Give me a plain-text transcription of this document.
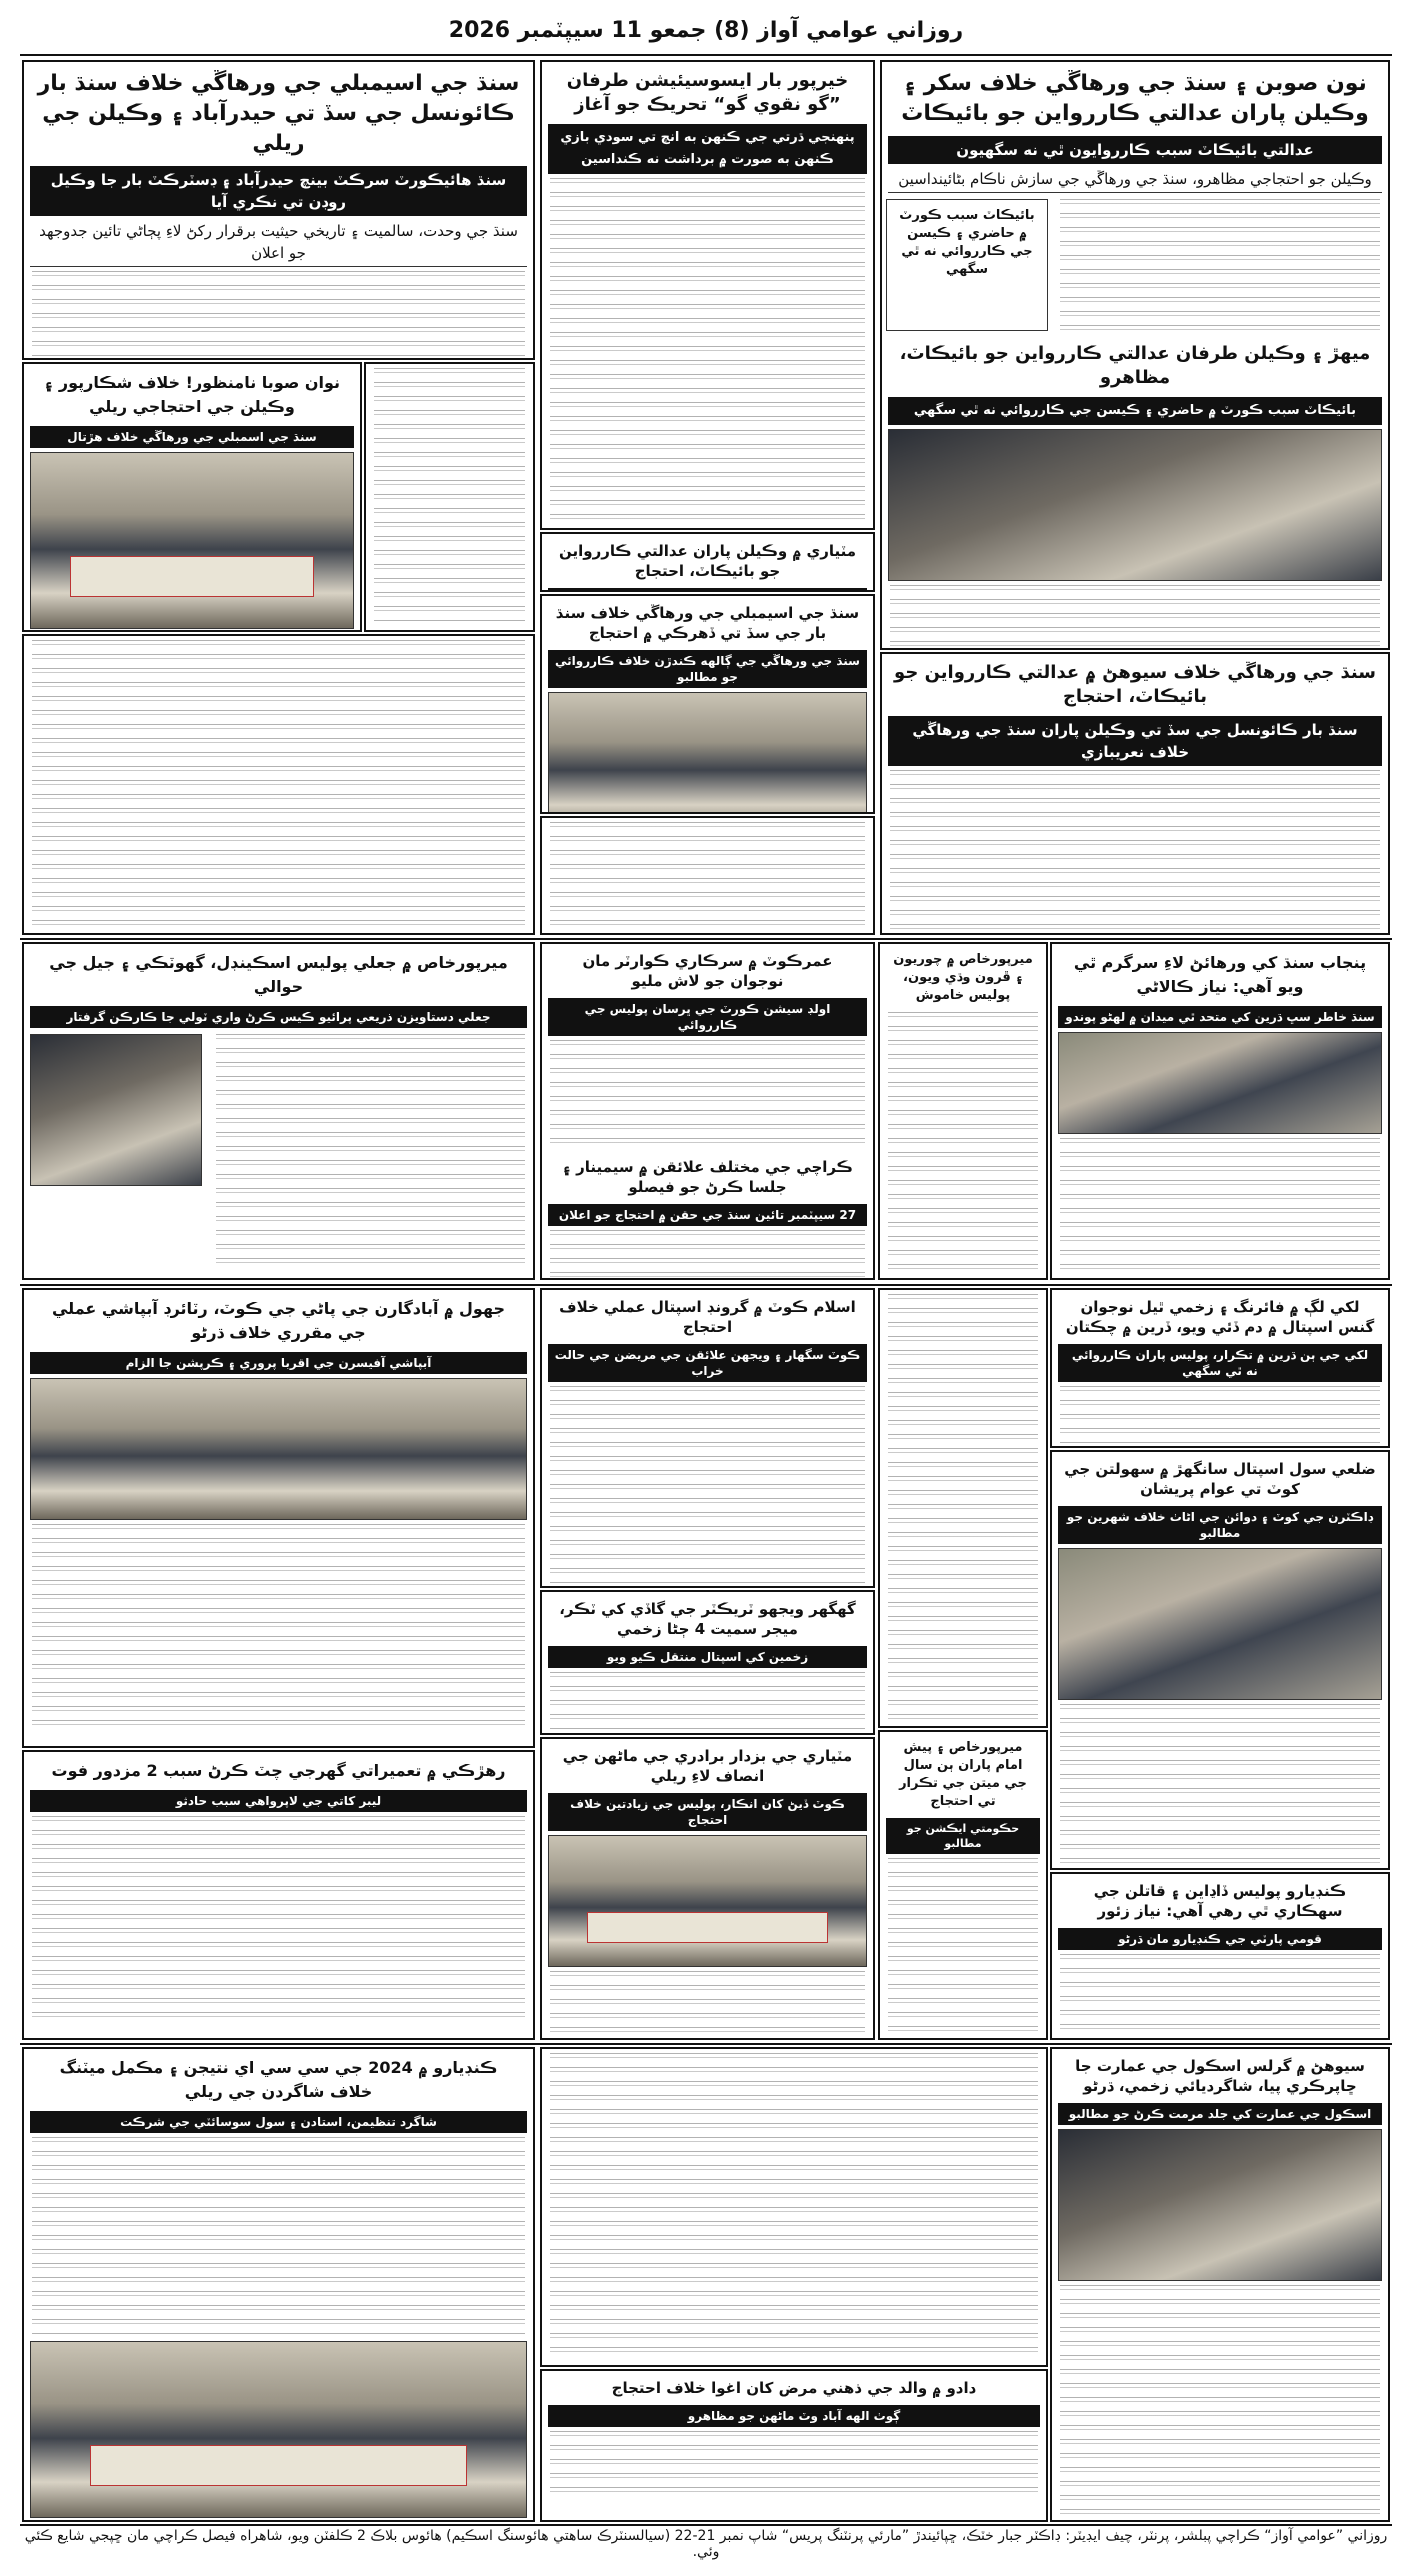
روزاني عوامي آواز (8) جمعو 11 سيپٽمبر 2026
نون صوبن ۽ سنڌ جي ورهاڱي خلاف سکر ۽ وڪيلن پاران عدالتي ڪاررواين جو بائيڪاٽ
عدالتي بائيڪاٽ سبب ڪارروايون ٿي نه سگهيون
وڪيلن جو احتجاجي مظاهرو، سنڌ جي ورهاڱي جي سازش ناڪام بڻائينداسين
بائيڪاٽ سبب ڪورٽ ۾ حاضري ۽ ڪيسن جي ڪارروائي نه ٿي سگهي
ميهڙ ۽ وڪيلن طرفان عدالتي ڪاررواين جو بائيڪاٽ، مظاهرو
بائيڪاٽ سبب ڪورٽ ۾ حاضري ۽ ڪيسن جي ڪارروائي نه ٿي سگهي
سنڌ جي ورهاڱي خلاف سيوهڻ ۾ عدالتي ڪاررواين جو بائيڪاٽ، احتجاج
سنڌ بار ڪائونسل جي سڏ تي وڪيلن پاران سنڌ جي ورهاڱي خلاف نعريبازي
خيرپور بار ايسوسيئيشن طرفان ”گو نقوي گو“ تحريڪ جو آغاز
پنهنجي ڌرتي جي ڪنهن به انچ تي سودي بازي ڪنهن به صورت ۾ برداشت نه ڪنداسين
مٽياري ۾ وڪيلن پاران عدالتي ڪاررواين جو بائيڪاٽ، احتجاج
سنڌ جي اسيمبلي جي ورهاڱي خلاف سنڌ بار جي سڏ تي ڏهرڪي ۾ احتجاج
سنڌ جي ورهاڱي جي ڳالهه ڪندڙن خلاف ڪارروائي جو مطالبو
سنڌ جي اسيمبلي جي ورهاڱي خلاف سنڌ بار ڪائونسل جي سڏ تي حيدرآباد ۽ وڪيلن جي ريلي
سنڌ هائيڪورٽ سرڪٽ بينچ حيدرآباد ۽ ڊسٽرڪٽ بار جا وڪيل روڊن تي نڪري آيا
سنڌ جي وحدت، سالميت ۽ تاريخي حيثيت برقرار رکڻ لاءِ پڄاڻي تائين جدوجهد جو اعلان
نوان صوبا نامنظور! خلاف شڪارپور ۽ وڪيلن جي احتجاجي ريلي
سنڌ جي اسمبلي جي ورهاڱي خلاف هڙتال
پنجاب سنڌ کي ورهائڻ لاءِ سرگرم ٿي ويو آهي: نياز ڪالاڻي
سنڌ خاطر سڀ ڌرين کي متحد ٿي ميدان ۾ لهڻو پوندو
ميرپورخاص ۾ چوريون ۽ ڦرون وڌي ويون، پوليس خاموش
عمرڪوٽ ۾ سرڪاري ڪوارٽر مان نوجوان جو لاش مليو
اولڊ سيشن ڪورٽ جي ڀرسان پوليس جي ڪارروائي
ڪراچي جي مختلف علائقن ۾ سيمينار ۽ جلسا ڪرڻ جو فيصلو
27 سيپٽمبر تائين سنڌ جي حقن ۾ احتجاج جو اعلان
ميرپورخاص ۾ جعلي پوليس اسڪينڊل، گهوٽڪي ۽ جيل جي حوالي
جعلي دستاويزن ذريعي پرائيو ڪيس ڪرڻ واري ٽولي جا ڪارڪن گرفتار
لکي لڳ ۾ فائرنگ ۽ زخمي ٿيل نوجوان گنس اسپتال ۾ دم ڏئي ويو، ڏرين ۾ چڪتان
لکي جي ٻن ڌرين ۾ تڪرار، پوليس پاران ڪارروائي نه ٿي سگهي
ضلعي سول اسپتال سانگهڙ ۾ سهولتن جي کوٽ تي عوام پريشان
ڊاڪٽرن جي کوٽ ۽ دوائن جي اڻاٺ خلاف شهرين جو مطالبو
ڪنڊيارو پوليس ڏاڍاين ۽ قاتلن جي سهڪاري ٿي رهي آهي: نياز زئور
قومي پارٽي جي ڪنڊيارو مان ڌرڻو
ميرپورخاص ۽ پيش امام پاران ٻن سال جي ميتن جي تڪرار تي احتجاج
حڪومتي ايڪشن جو مطالبو
اسلام ڪوٽ ۾ گرونڊ اسپتال عملي خلاف احتجاج
ڪوٽ سگهار ۽ ويجهن علائقن جي مريضن جي حالت خراب
گهگهر ويجهو ٽريڪٽر جي گاڏي کي ٽڪر، ميجر سميت 4 ڄڻا زخمي
زخمين کي اسپتال منتقل ڪيو ويو
مٽياري جي بزدار برادري جي ماڻهن جي انصاف لاءِ ريلي
ڪوٽ ڏيڻ کان انڪار، پوليس جي زيادتين خلاف احتجاج
جهول ۾ آبادگارن جي پاڻي جي ڪوٽ، رٽائرڊ آبپاشي عملي جي مقرري خلاف ڌرڻو
آبپاشي آفيسرن جي اقربا پروري ۽ ڪرپشن جا الزام
رهڙڪي ۾ تعميراتي گهرجي چٽ ڪرڻ سبب 2 مزدور فوت
ليبر کاتي جي لاپرواهي سبب حادثو
سيوهڻ ۾ گرلس اسڪول جي عمارت جا ڇاپرڪري پيا، شاگرديائي زخمي، ڌرڻو
اسڪول جي عمارت کي جلد مرمت ڪرڻ جو مطالبو
دادو ۾ والد جي ذهني مرض کان اغوا خلاف احتجاج
ڳوٺ الهه آباد وٽ ماڻهن جو مظاهرو
ڪنڊيارو ۾ 2024 جي سي سي اي نتيجن ۽ مڪمل ميٽنگ خلاف شاگردن جي ريلي
شاگرد تنظيمن، استادن ۽ سول سوسائٽي جي شرڪت
روزاني ”عوامي آواز“ ڪراچي پبلشر، پرنٽر، چيف ايڊيٽر: ڊاڪٽر جبار خٽڪ، ڇپائيندڙ ”مارئي پرنٽنگ پريس“ شاپ نمبر 21-22 (سيالسنٽرڪ ساهتي هائوسنگ اسڪيم) هائوس بلاڪ 2 ڪلفٽن ويو، شاهراه فيصل ڪراچي مان ڇپجي شايع ڪئي وئي.
